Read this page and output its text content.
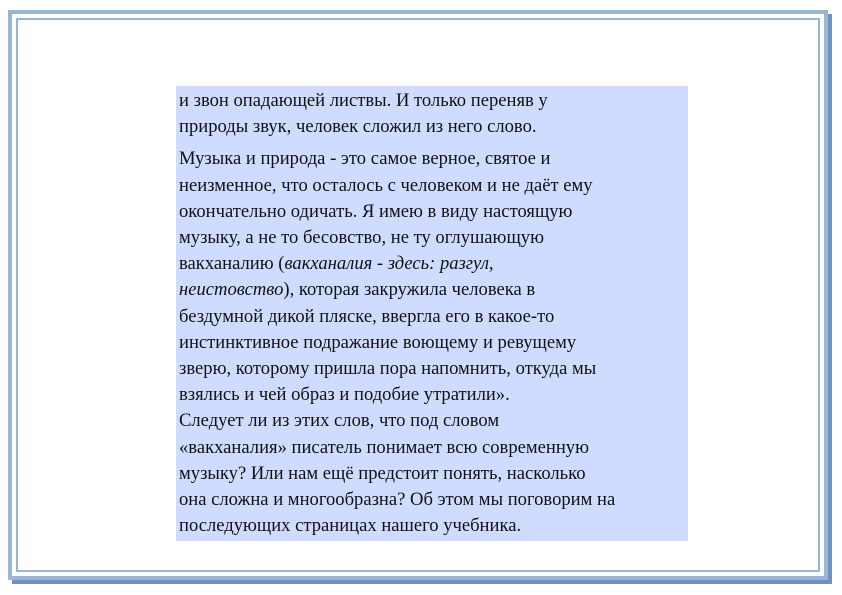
и звон опадающей листвы. И только переняв у
природы звук, человек сложил из него слово.

Музыка и природа - это самое верное, святое и
неизменное, что осталось с человеком и не даёт ему
окончательно одичать. Я имею в виду настоящую
музыку, а не то бесовство, не ту оглушающую
вакханалию (вакханалия - здесь: разгул,
неистовство), которая закружила человека в
бездумной дикой пляске, ввергла его в какое-то
инстинктивное подражание воющему и ревущему
зверю, которому пришла пора напомнить, откуда мы
взялись и чей образ и подобие утратили».

Следует ли из этих слов, что под словом
«вакханалия» писатель понимает всю современную
музыку? Или нам ещё предстоит понять, насколько
она сложна и многообразна? Об этом мы поговорим на
последующих страницах нашего учебника.
